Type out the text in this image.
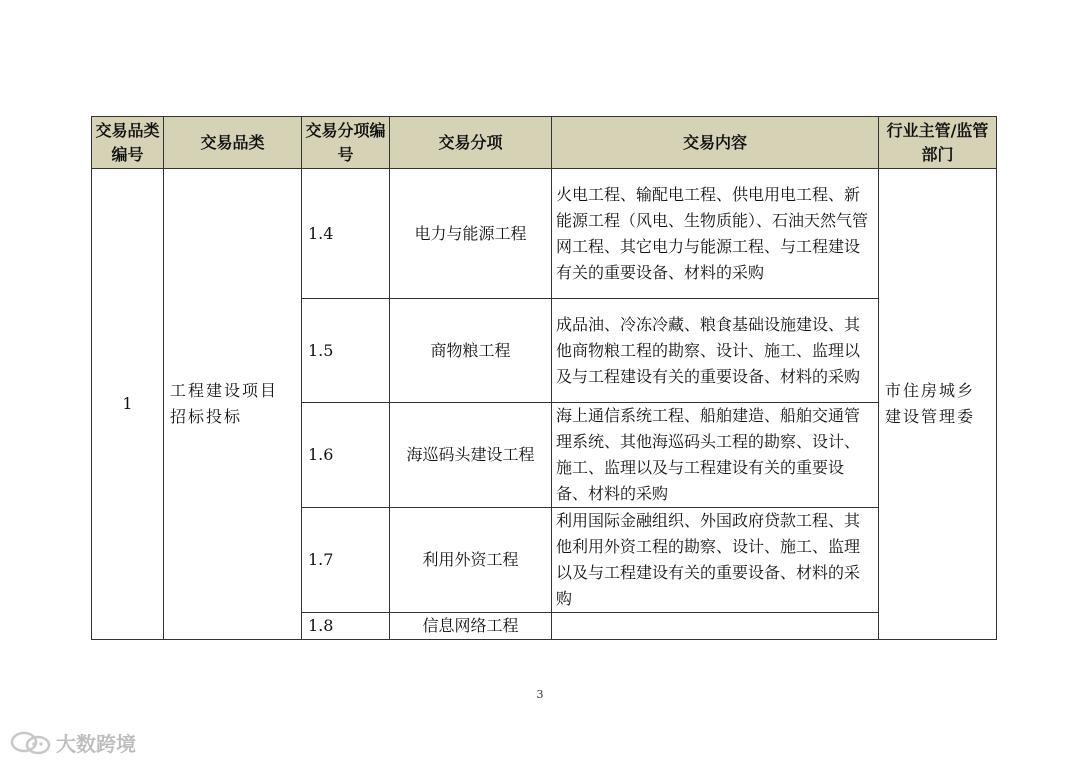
交易品类编号	交易品类	交易分项编号	交易分项	交易内容	行业主管/监管部门
1	工程建设项目招标投标	1.4	电力与能源工程	火电工程、输配电工程、供电用电工程、新能源工程（风电、生物质能）、石油天然气管网工程、其它电力与能源工程、与工程建设有关的重要设备、材料的采购	市住房城乡建设管理委
		1.5	商物粮工程	成品油、冷冻冷藏、粮食基础设施建设、其他商物粮工程的勘察、设计、施工、监理以及与工程建设有关的重要设备、材料的采购	
		1.6	海巡码头建设工程	海上通信系统工程、船舶建造、船舶交通管理系统、其他海巡码头工程的勘察、设计、施工、监理以及与工程建设有关的重要设备、材料的采购	
		1.7	利用外资工程	利用国际金融组织、外国政府贷款工程、其他利用外资工程的勘察、设计、施工、监理以及与工程建设有关的重要设备、材料的采购	
		1.8	信息网络工程		
3
大数跨境
